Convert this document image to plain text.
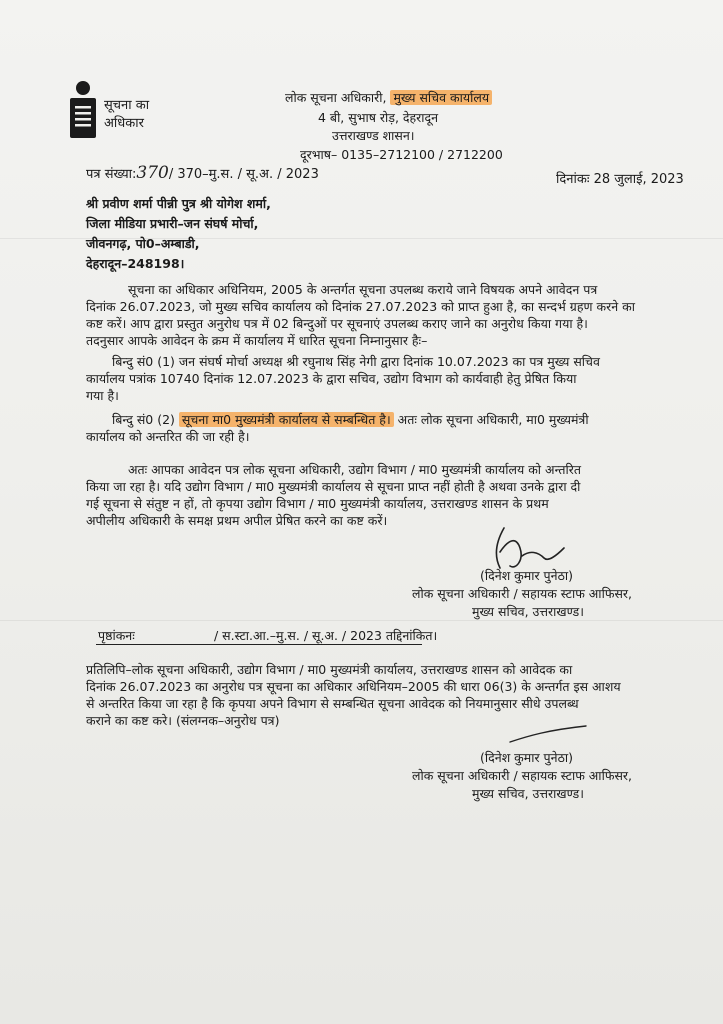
सूचना का
अधिकार
लोक सूचना अधिकारी, मुख्य सचिव कार्यालय
4 बी, सुभाष रोड़, देहरादून
उत्तराखण्ड शासन।
दूरभाष– 0135–2712100 / 2712200
पत्र संख्या:370/ 370–मु.स. / सू.अ. / 2023	दिनांकः 28 जुलाई, 2023
श्री प्रवीण शर्मा पीन्नी पुत्र श्री योगेश शर्मा,
जिला मीडिया प्रभारी–जन संघर्ष मोर्चा,
जीवनगढ़, पो0–अम्बाडी,
देहरादून–248198।
सूचना का अधिकार अधिनियम, 2005 के अन्तर्गत सूचना उपलब्ध कराये जाने विषयक अपने आवेदन पत्र
दिनांक 26.07.2023, जो मुख्य सचिव कार्यालय को दिनांक 27.07.2023 को प्राप्त हुआ है, का सन्दर्भ ग्रहण करने का
कष्ट करें। आप द्वारा प्रस्तुत अनुरोध पत्र में 02 बिन्दुओं पर सूचनाएं उपलब्ध कराए जाने का अनुरोध किया गया है।
तदनुसार आपके आवेदन के क्रम में कार्यालय में धारित सूचना निम्नानुसार हैः–
बिन्दु सं0 (1) जन संघर्ष मोर्चा अध्यक्ष श्री रघुनाथ सिंह नेगी द्वारा दिनांक 10.07.2023 का पत्र मुख्य सचिव
कार्यालय पत्रांक 10740 दिनांक 12.07.2023 के द्वारा सचिव, उद्योग विभाग को कार्यवाही हेतु प्रेषित किया
गया है।
बिन्दु सं0 (2) सूचना मा0 मुख्यमंत्री कार्यालय से सम्बन्धित है। अतः लोक सूचना अधिकारी, मा0 मुख्यमंत्री
कार्यालय को अन्तरित की जा रही है।
अतः आपका आवेदन पत्र लोक सूचना अधिकारी, उद्योग विभाग / मा0 मुख्यमंत्री कार्यालय को अन्तरित
किया जा रहा है। यदि उद्योग विभाग / मा0 मुख्यमंत्री कार्यालय से सूचना प्राप्त नहीं होती है अथवा उनके द्वारा दी
गई सूचना से संतुष्ट न हों, तो कृपया उद्योग विभाग / मा0 मुख्यमंत्री कार्यालय, उत्तराखण्ड शासन के प्रथम
अपीलीय अधिकारी के समक्ष प्रथम अपील प्रेषित करने का कष्ट करें।
(दिनेश कुमार पुनेठा)
लोक सूचना अधिकारी / सहायक स्टाफ आफिसर,
मुख्य सचिव, उत्तराखण्ड।
पृष्ठांकनः	/ स.स्टा.आ.–मु.स. / सू.अ. / 2023 तद्दिनांकित।
प्रतिलिपि–लोक सूचना अधिकारी, उद्योग विभाग / मा0 मुख्यमंत्री कार्यालय, उत्तराखण्ड शासन को आवेदक का
दिनांक 26.07.2023 का अनुरोध पत्र सूचना का अधिकार अधिनियम–2005 की धारा 06(3) के अन्तर्गत इस आशय
से अन्तरित किया जा रहा है कि कृपया अपने विभाग से सम्बन्धित सूचना आवेदक को नियमानुसार सीधे उपलब्ध
कराने का कष्ट करे। (संलग्नक–अनुरोध पत्र)
(दिनेश कुमार पुनेठा)
लोक सूचना अधिकारी / सहायक स्टाफ आफिसर,
मुख्य सचिव, उत्तराखण्ड।
